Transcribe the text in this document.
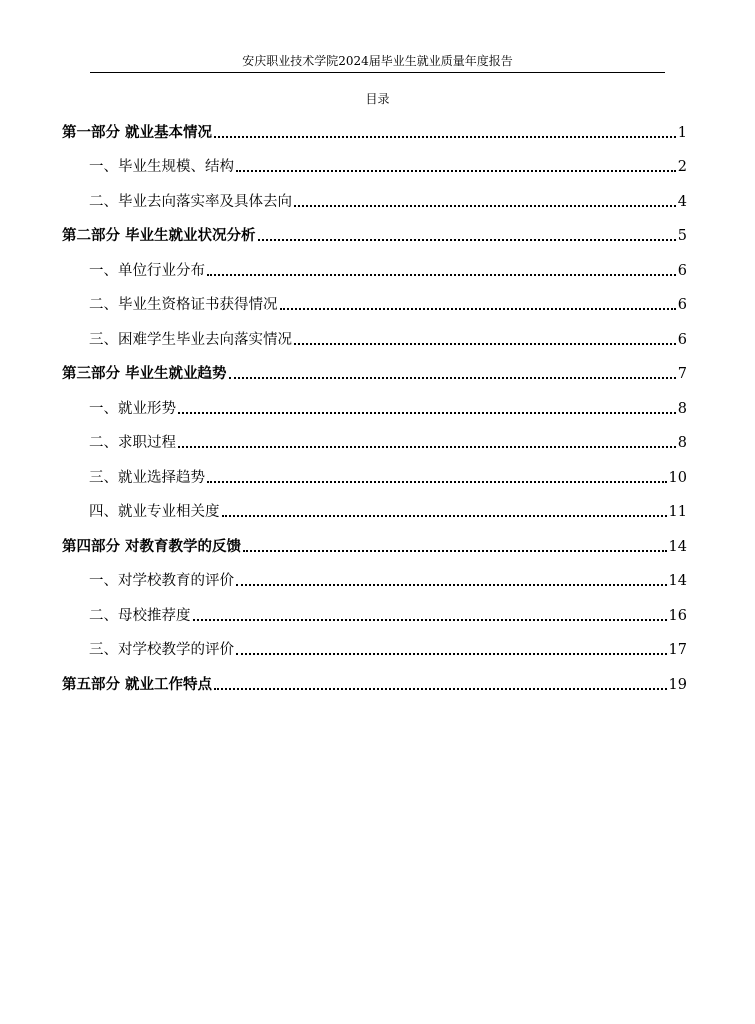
安庆职业技术学院2024届毕业生就业质量年度报告
目录
第一部分 就业基本情况	1
一、毕业生规模、结构	2
二、毕业去向落实率及具体去向	4
第二部分 毕业生就业状况分析	5
一、单位行业分布	6
二、毕业生资格证书获得情况	6
三、困难学生毕业去向落实情况	6
第三部分 毕业生就业趋势	7
一、就业形势	8
二、求职过程	8
三、就业选择趋势	10
四、就业专业相关度	11
第四部分 对教育教学的反馈	14
一、对学校教育的评价	14
二、母校推荐度	16
三、对学校教学的评价	17
第五部分 就业工作特点	19
